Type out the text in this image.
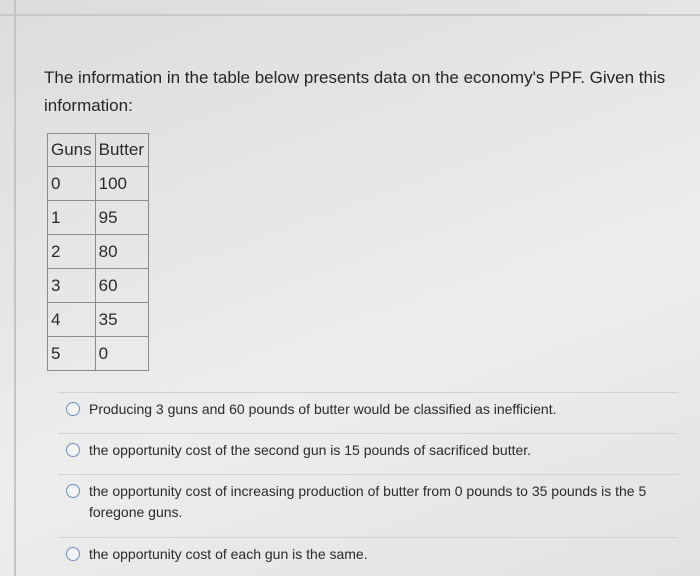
The information in the table below presents data on the economy's PPF. Given this information:
Guns	Butter
0	100
1	95
2	80
3	60
4	35
5	0
Producing 3 guns and 60 pounds of butter would be classified as inefficient.
the opportunity cost of the second gun is 15 pounds of sacrificed butter.
the opportunity cost of increasing production of butter from 0 pounds to 35 pounds is the 5 foregone guns.
the opportunity cost of each gun is the same.
